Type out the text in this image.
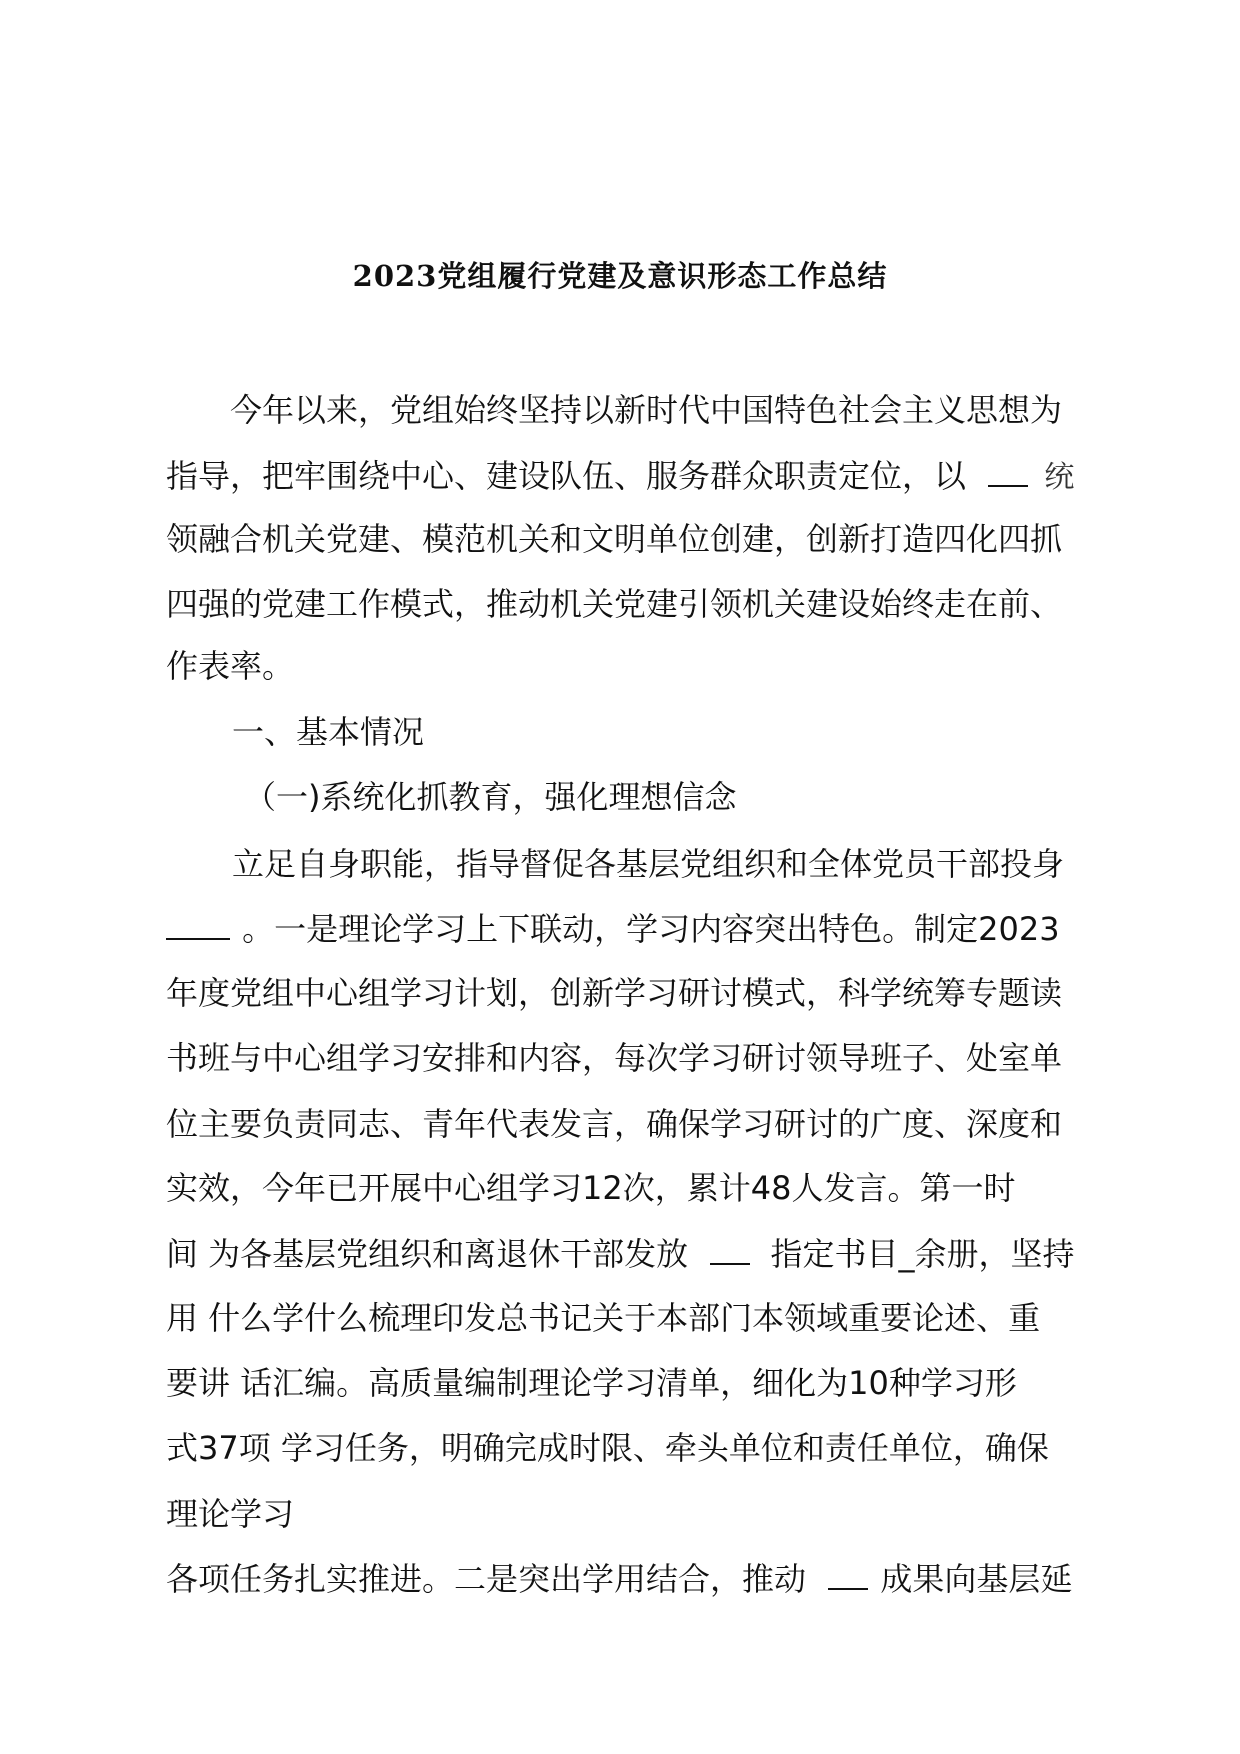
2023党组履行党建及意识形态工作总结
今年以来，党组始终坚持以新时代中国特色社会主义思想为
指导，把牢围绕中心、建设队伍、服务群众职责定位，以	统
领融合机关党建、模范机关和文明单位创建，创新打造四化四抓
四强的党建工作模式，推动机关党建引领机关建设始终走在前、
作表率。
一、基本情况
（一)系统化抓教育，强化理想信念
立足自身职能，指导督促各基层党组织和全体党员干部投身
。一是理论学习上下联动，学习内容突出特色。制定2023
年度党组中心组学习计划，创新学习研讨模式，科学统筹专题读
书班与中心组学习安排和内容，每次学习研讨领导班子、处室单
位主要负责同志、青年代表发言，确保学习研讨的广度、深度和
实效，今年已开展中心组学习12次，累计48人发言。第一时
间 为各基层党组织和离退休干部发放	指定书目_余册，坚持
用 什么学什么梳理印发总书记关于本部门本领域重要论述、重
要讲 话汇编。高质量编制理论学习清单，细化为10种学习形
式37项 学习任务，明确完成时限、牵头单位和责任单位，确保
理论学习
各项任务扎实推进。二是突出学用结合，推动 成果向基层延
